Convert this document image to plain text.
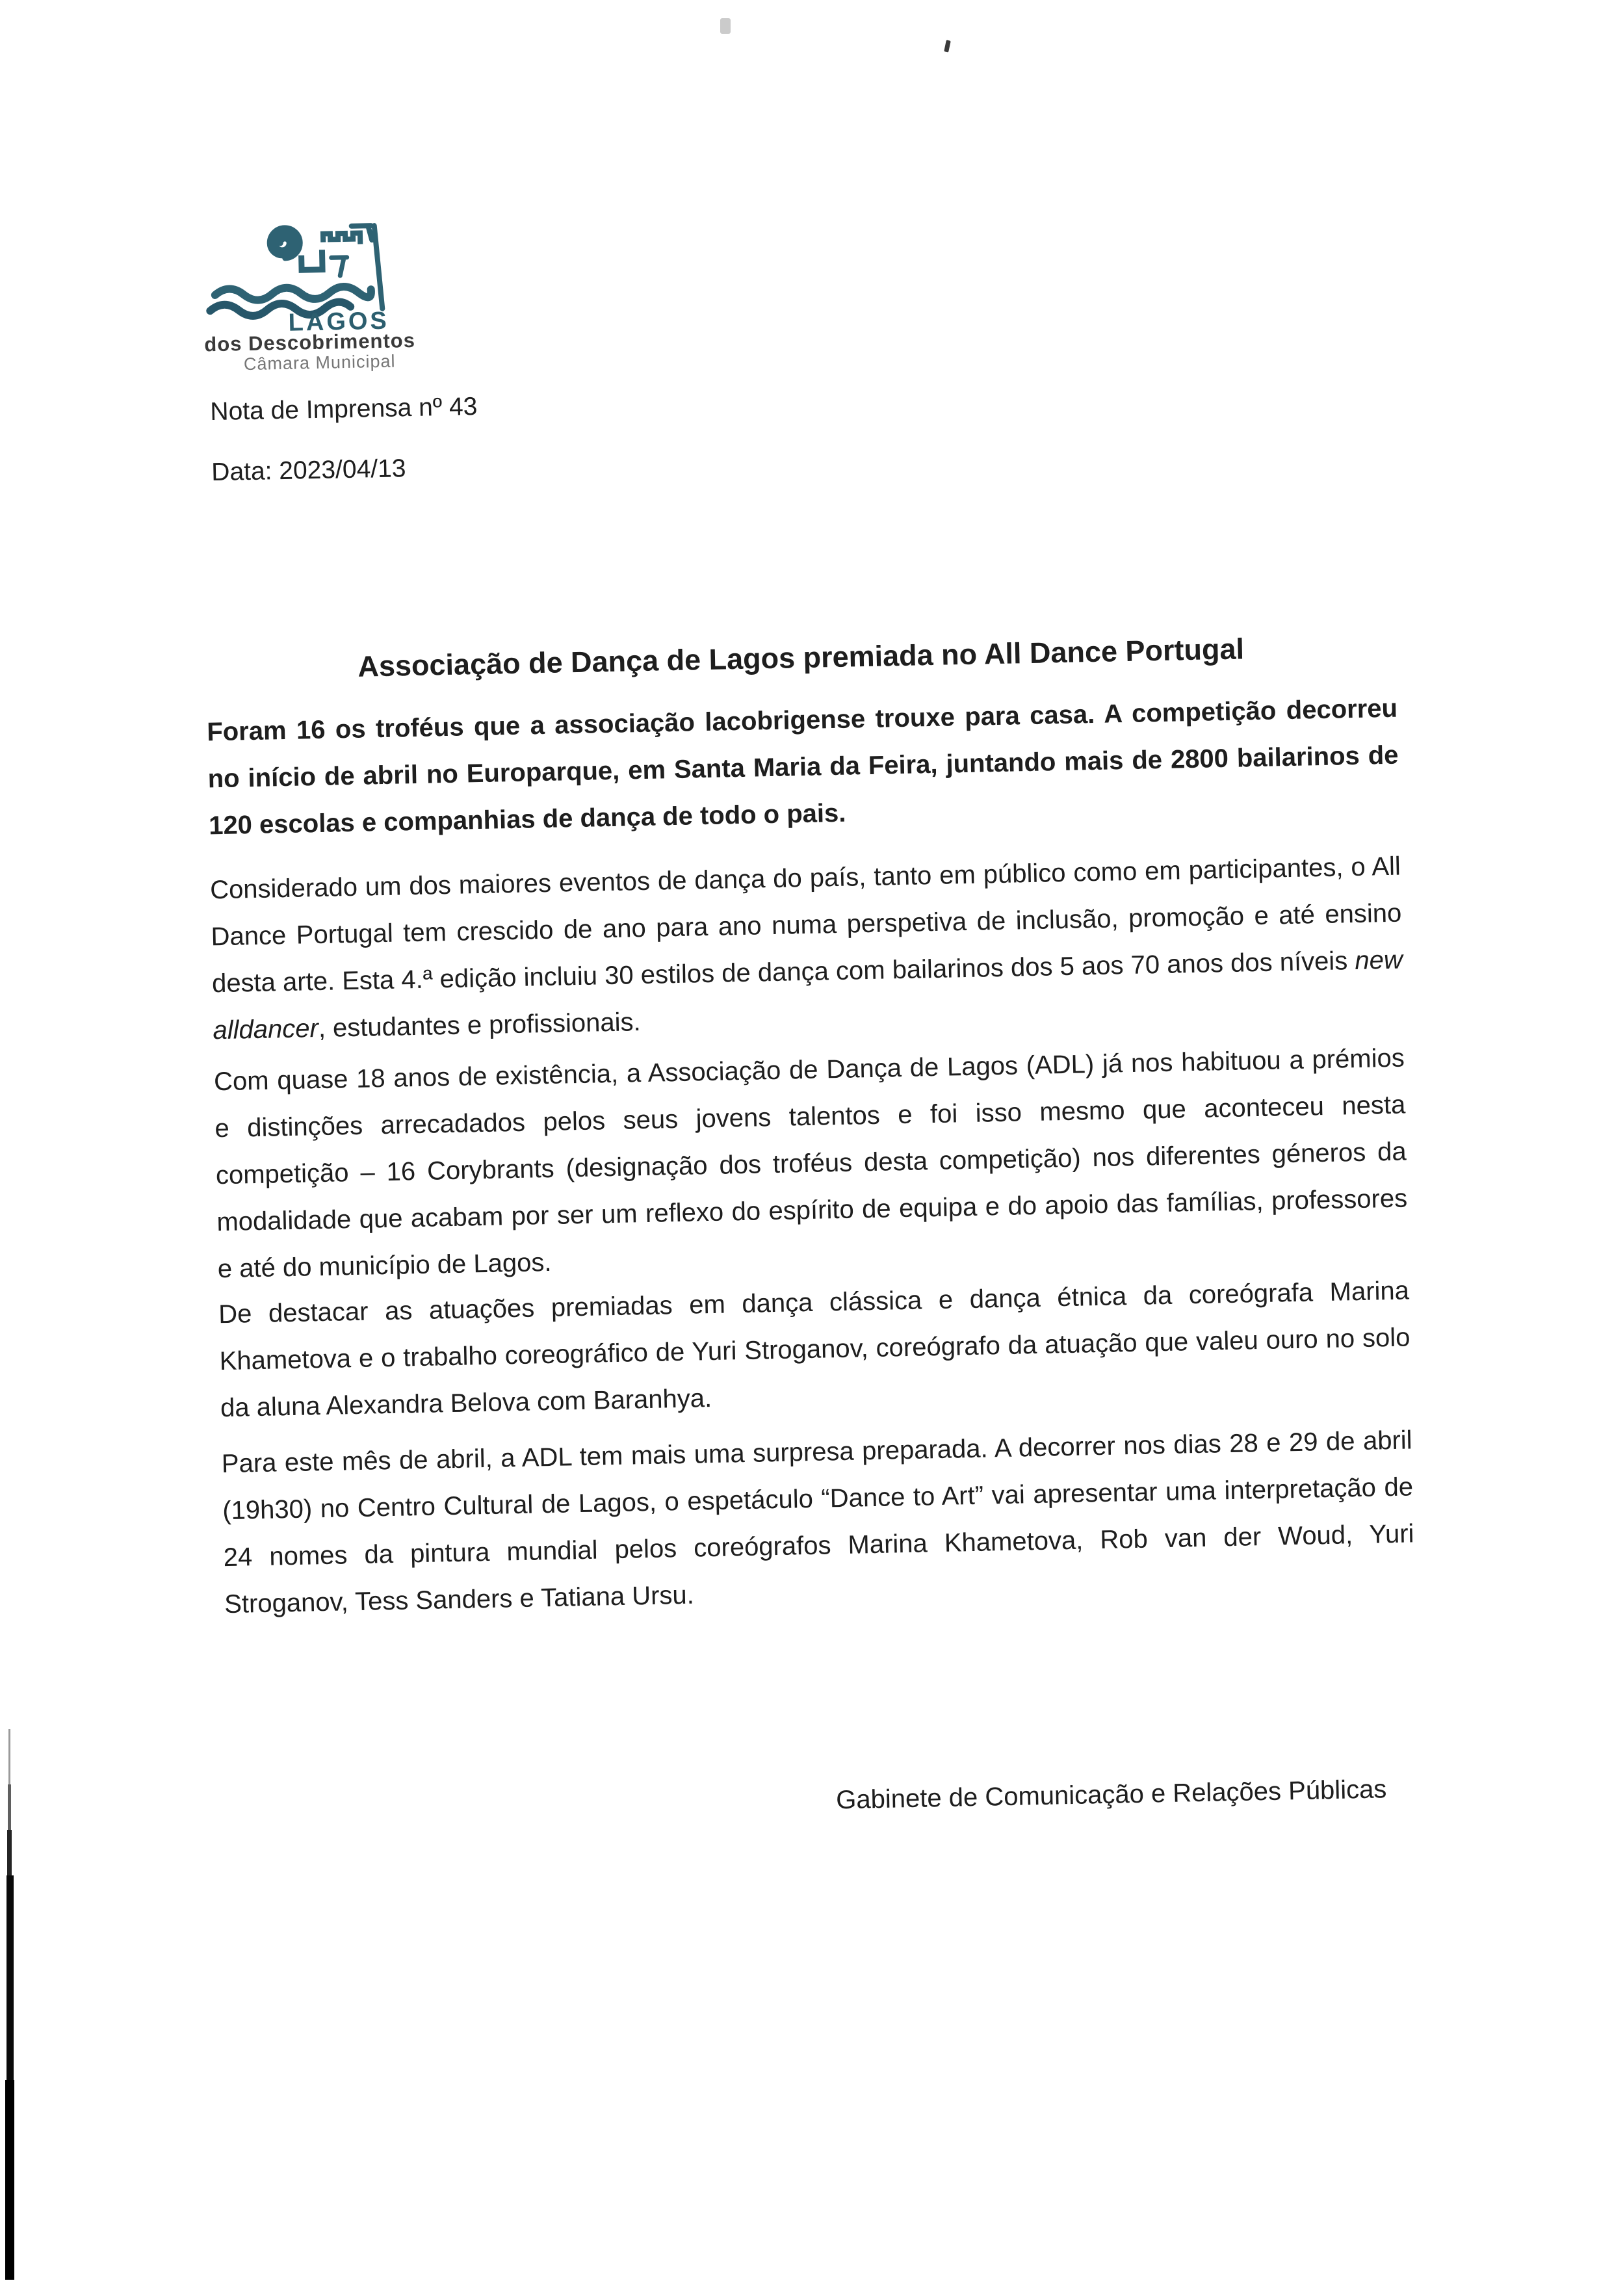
LAGOS
dos Descobrimentos
Câmara Municipal
Nota de Imprensa nº 43
Data: 2023/04/13
Associação de Dança de Lagos premiada no All Dance Portugal
Foram 16 os troféus que a associação lacobrigense trouxe para casa. A competição decorreu no início de abril no Europarque, em Santa Maria da Feira, juntando mais de 2800 bailarinos de 120 escolas e companhias de dança de todo o pais.
Considerado um dos maiores eventos de dança do país, tanto em público como em participantes, o All Dance Portugal tem crescido de ano para ano numa perspetiva de inclusão, promoção e até ensino desta arte. Esta 4.ª edição incluiu 30 estilos de dança com bailarinos dos 5 aos 70 anos dos níveis new alldancer, estudantes e profissionais.
Com quase 18 anos de existência, a Associação de Dança de Lagos (ADL) já nos habituou a prémios e distinções arrecadados pelos seus jovens talentos e foi isso mesmo que aconteceu nesta competição – 16 Corybrants (designação dos troféus desta competição) nos diferentes géneros da modalidade que acabam por ser um reflexo do espírito de equipa e do apoio das famílias, professores e até do município de Lagos.
De destacar as atuações premiadas em dança clássica e dança étnica da coreógrafa Marina Khametova e o trabalho coreográfico de Yuri Stroganov, coreógrafo da atuação que valeu ouro no solo da aluna Alexandra Belova com Baranhya.
Para este mês de abril, a ADL tem mais uma surpresa preparada. A decorrer nos dias 28 e 29 de abril (19h30) no Centro Cultural de Lagos, o espetáculo “Dance to Art” vai apresentar uma interpretação de 24 nomes da pintura mundial pelos coreógrafos Marina Khametova, Rob van der Woud, Yuri Stroganov, Tess Sanders e Tatiana Ursu.
Gabinete de Comunicação e Relações Públicas
